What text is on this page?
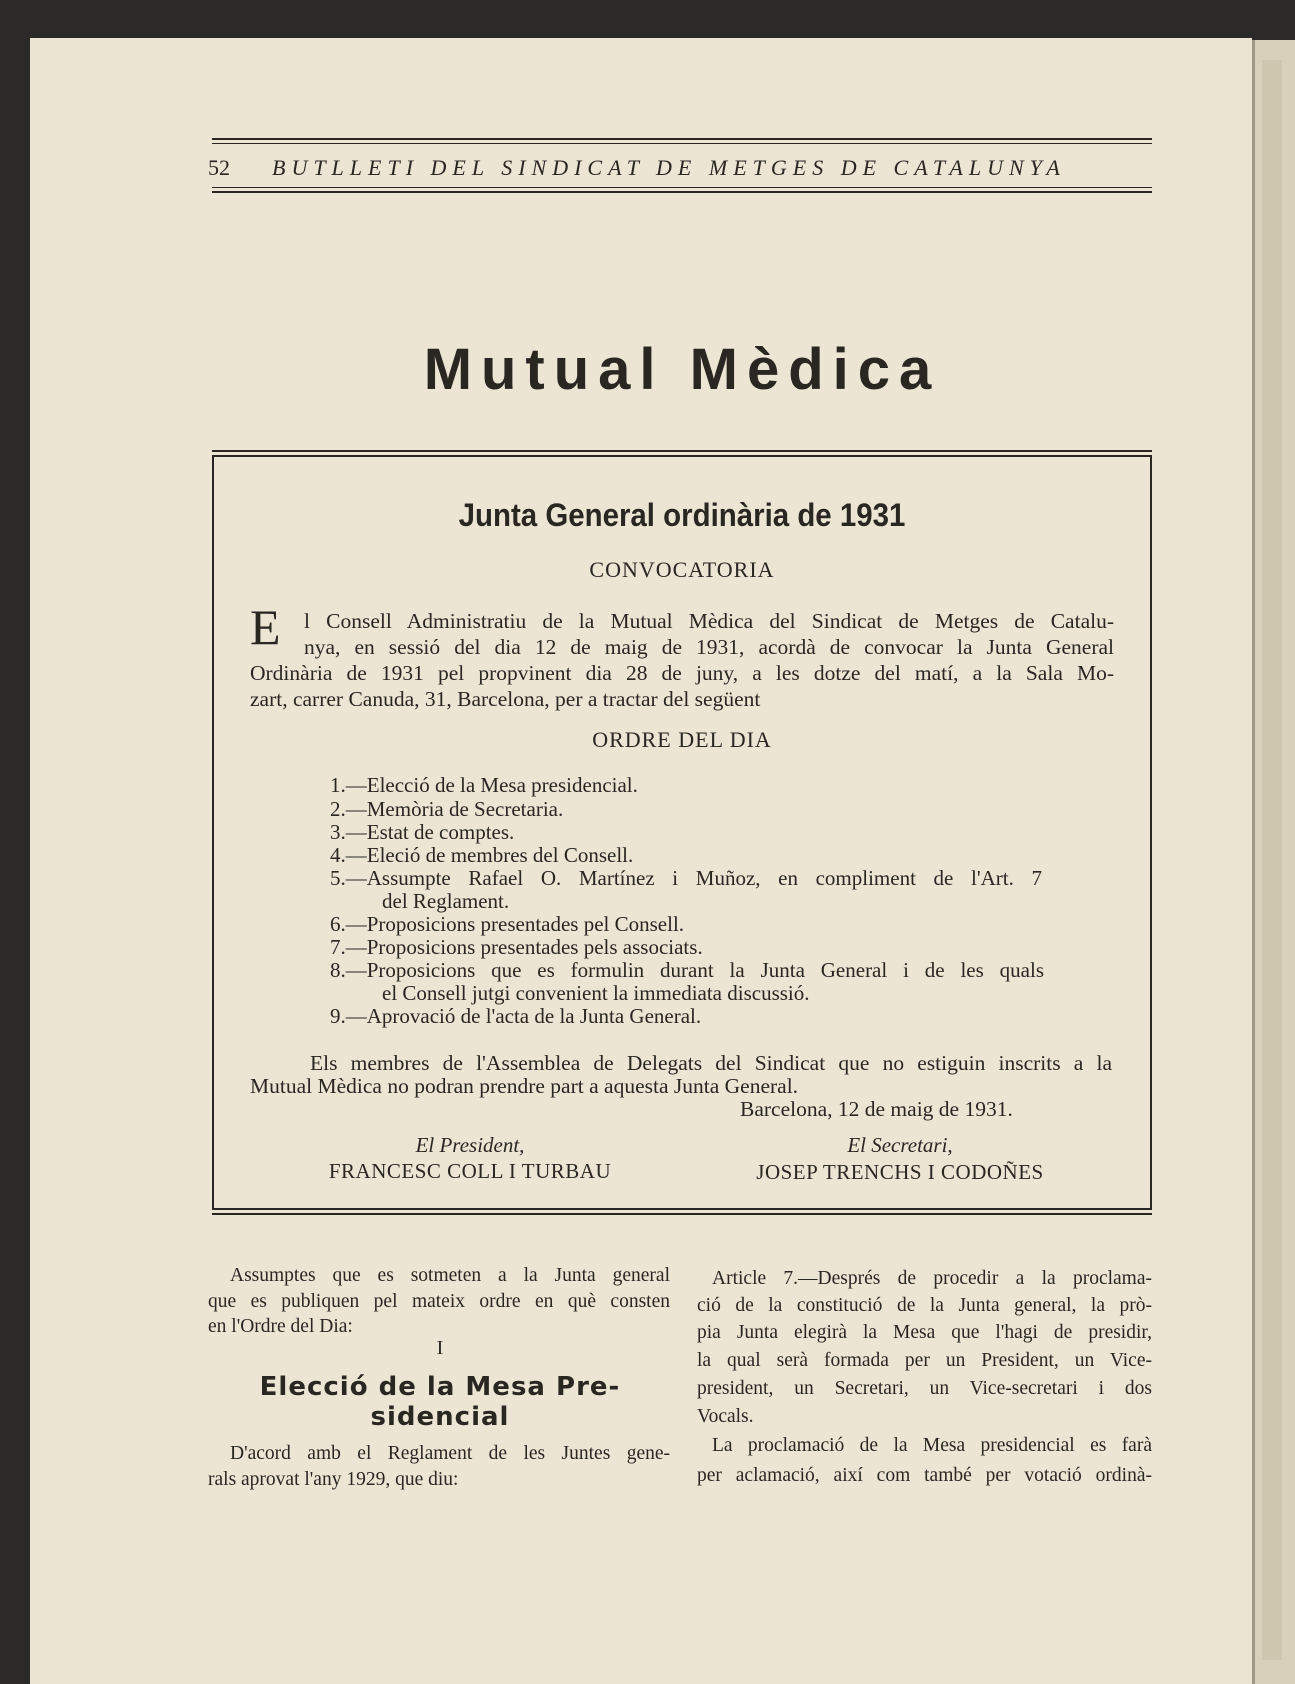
52	BUTLLETI DEL SINDICAT DE METGES DE CATALUNYA
Mutual Mèdica
Junta General ordinària de 1931
CONVOCATORIA
E l Consell Administratiu de la Mutual Mèdica del Sindicat de Metges de Catalu-
nya, en sessió del dia 12 de maig de 1931, acordà de convocar la Junta General
Ordinària de 1931 pel propvinent dia 28 de juny, a les dotze del matí, a la Sala Mo-
zart, carrer Canuda, 31, Barcelona, per a tractar del següent
ORDRE DEL DIA
1.—Elecció de la Mesa presidencial.
2.—Memòria de Secretaria.
3.—Estat de comptes.
4.—Eleció de membres del Consell.
5.—Assumpte Rafael O. Martínez i Muñoz, en compliment de l'Art. 7
del Reglament.
6.—Proposicions presentades pel Consell.
7.—Proposicions presentades pels associats.
8.—Proposicions que es formulin durant la Junta General i de les quals
el Consell jutgi convenient la immediata discussió.
9.—Aprovació de l'acta de la Junta General.
Els membres de l'Assemblea de Delegats del Sindicat que no estiguin inscrits a la
Mutual Mèdica no podran prendre part a aquesta Junta General.
Barcelona, 12 de maig de 1931.
El President,
FRANCESC COLL I TURBAU
El Secretari,
JOSEP TRENCHS I CODOÑES
Assumptes que es sotmeten a la Junta general
que es publiquen pel mateix ordre en què consten
en l'Ordre del Dia:
I
Elecció de la Mesa Pre-
sidencial
D'acord amb el Reglament de les Juntes gene-
rals aprovat l'any 1929, que diu:
Article 7.—Després de procedir a la proclama-
ció de la constitució de la Junta general, la prò-
pia Junta elegirà la Mesa que l'hagi de presidir,
la qual serà formada per un President, un Vice-
president, un Secretari, un Vice-secretari i dos
Vocals.
La proclamació de la Mesa presidencial es farà
per aclamació, així com també per votació ordinà-
